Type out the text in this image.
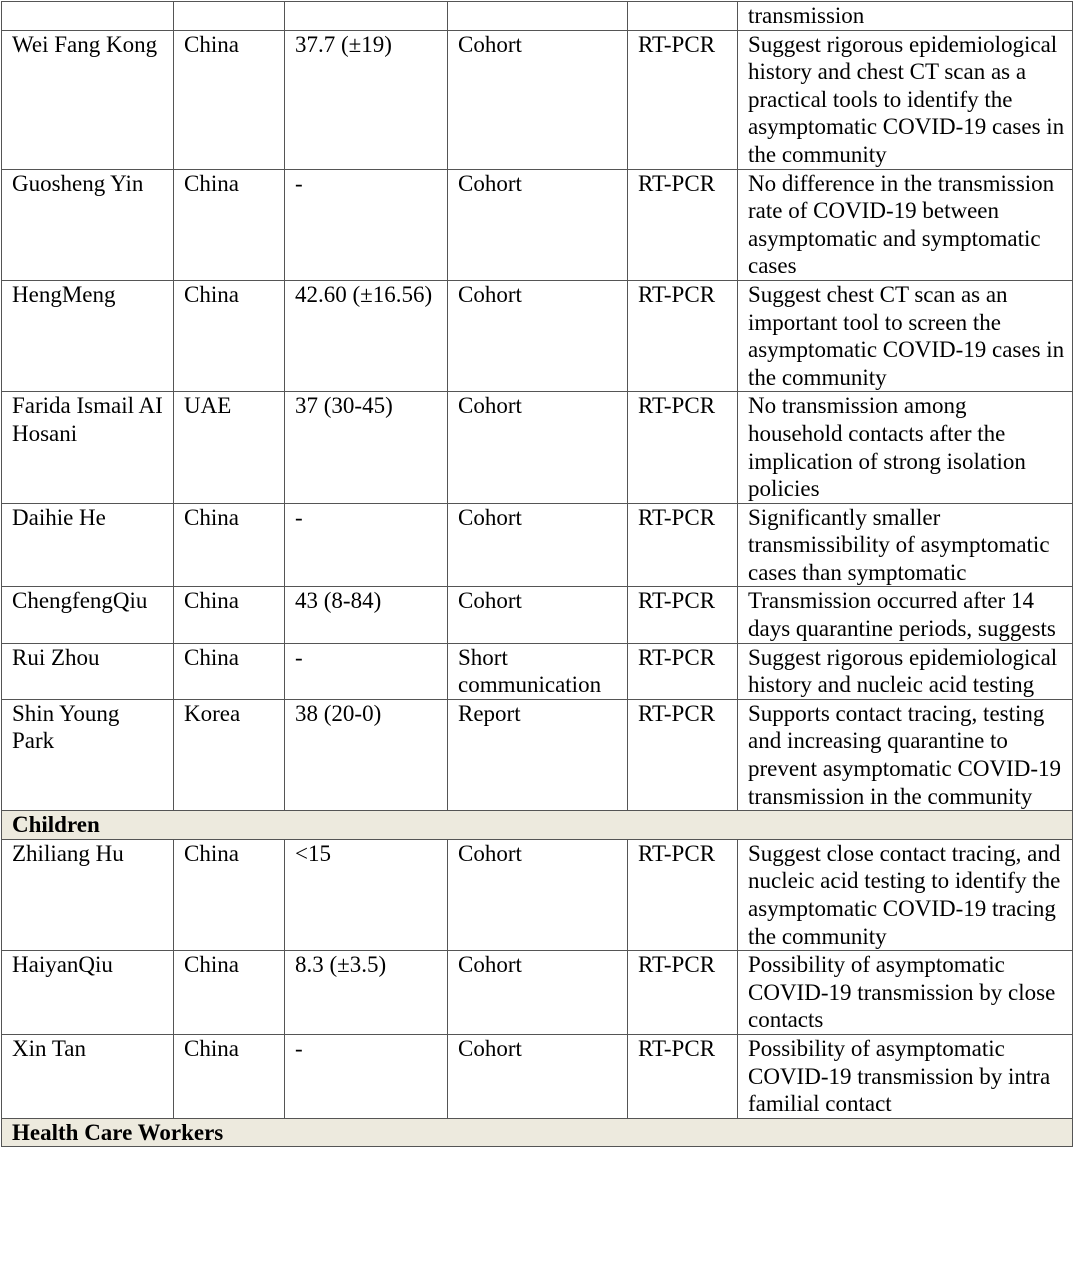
					transmission
Wei Fang Kong	China	37.7 (±19)	Cohort	RT-PCR	Suggest rigorous epidemiological history and chest CT scan as a practical tools to identify the asymptomatic COVID-19 cases in the community
Guosheng Yin	China	-	Cohort	RT-PCR	No difference in the transmission rate of COVID-19 between asymptomatic and symptomatic cases
HengMeng	China	42.60 (±16.56)	Cohort	RT-PCR	Suggest chest CT scan as an important tool to screen the asymptomatic COVID-19 cases in the community
Farida Ismail AI Hosani	UAE	37 (30-45)	Cohort	RT-PCR	No transmission among household contacts after the implication of strong isolation policies
Daihie He	China	-	Cohort	RT-PCR	Significantly smaller transmissibility of asymptomatic cases than symptomatic
ChengfengQiu	China	43 (8-84)	Cohort	RT-PCR	Transmission occurred after 14 days quarantine periods, suggests
Rui Zhou	China	-	Short communication	RT-PCR	Suggest rigorous epidemiological history and nucleic acid testing
Shin Young Park	Korea	38 (20-0)	Report	RT-PCR	Supports contact tracing, testing and increasing quarantine to prevent asymptomatic COVID-19 transmission in the community
Children					
Zhiliang Hu	China	<15	Cohort	RT-PCR	Suggest close contact tracing, and nucleic acid testing to identify the asymptomatic COVID-19 tracing the community
HaiyanQiu	China	8.3 (±3.5)	Cohort	RT-PCR	Possibility of asymptomatic COVID-19 transmission by close contacts
Xin Tan	China	-	Cohort	RT-PCR	Possibility of asymptomatic COVID-19 transmission by intra familial contact
Health Care Workers					
